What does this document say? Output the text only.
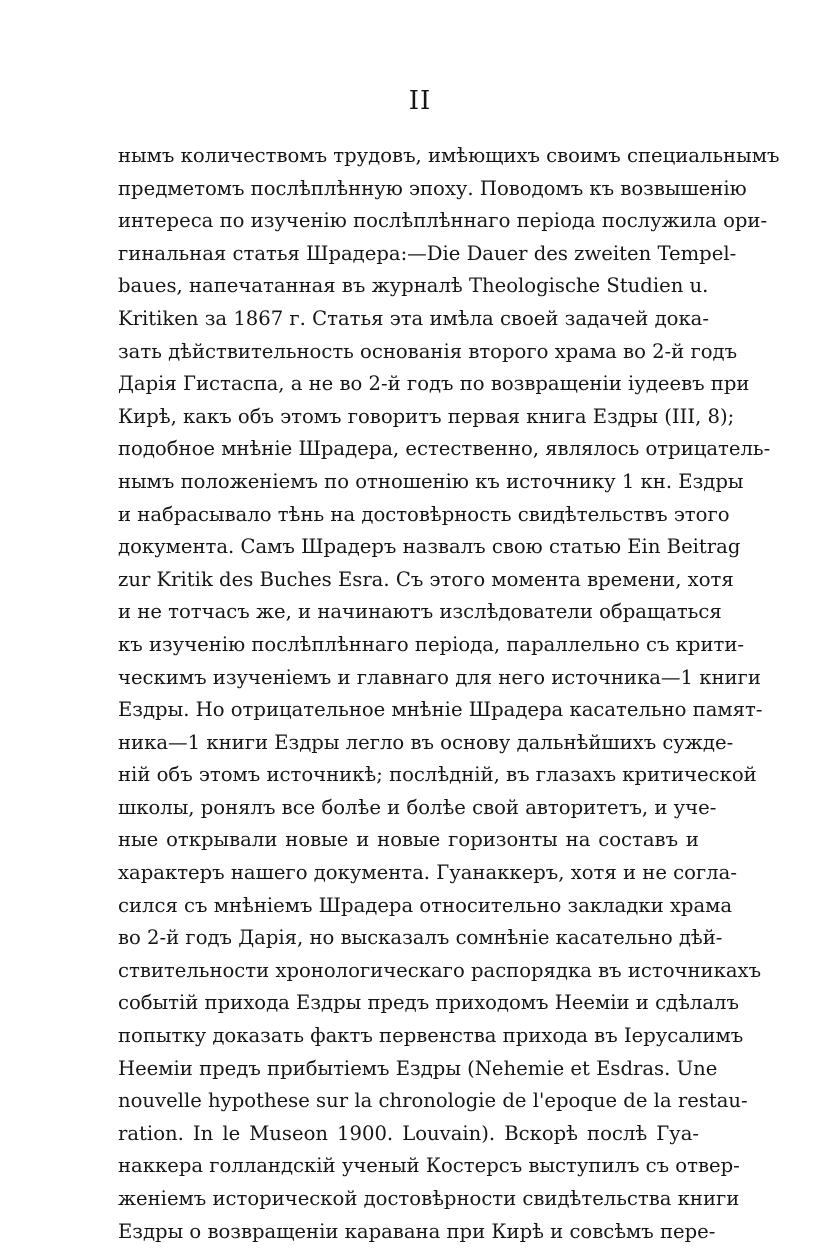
II
нымъ количествомъ трудовъ, имѣющихъ своимъ специальнымъ
предметомъ послѣплѣнную эпоху. Поводомъ къ возвышенію
интереса по изученію послѣплѣннаго періода послужила ори-
гинальная статья Шрадера:—Die Dauer des zweiten Tempel-
baues, напечатанная въ журналѣ Theologische Studien u.
Kritiken за 1867 г. Статья эта имѣла своей задачей дока-
зать дѣйствительность основанія второго храма во 2-й годъ
Дарія Гистаспа, а не во 2-й годъ по возвращеніи іудеевъ при
Кирѣ, какъ объ этомъ говоритъ первая книга Ездры (III, 8);
подобное мнѣніе Шрадера, естественно, являлось отрицатель-
нымъ положеніемъ по отношенію къ источнику 1 кн. Ездры
и набрасывало тѣнь на достовѣрность свидѣтельствъ этого
документа. Самъ Шрадеръ назвалъ свою статью Ein Beitrag
zur Kritik des Buches Esra. Съ этого момента времени, хотя
и не тотчасъ же, и начинаютъ изслѣдователи обращаться
къ изученію послѣплѣннаго періода, параллельно съ крити-
ческимъ изученіемъ и главнаго для него источника—1 книги
Ездры. Но отрицательное мнѣніе Шрадера касательно памят-
ника—1 книги Ездры легло въ основу дальнѣйшихъ сужде-
ній объ этомъ источникѣ; послѣдній, въ глазахъ критической
школы, ронялъ все болѣе и болѣе свой авторитетъ, и уче-
ные открывали новые и новые горизонты на составъ и
характеръ нашего документа. Гуанаккеръ, хотя и не согла-
сился съ мнѣніемъ Шрадера относительно закладки храма
во 2-й годъ Дарія, но высказалъ сомнѣніе касательно дѣй-
ствительности хронологическаго распорядка въ источникахъ
событій прихода Ездры предъ приходомъ Нееміи и сдѣлалъ
попытку доказать фактъ первенства прихода въ Іерусалимъ
Нееміи предъ прибытіемъ Ездры (Nehemie et Esdras. Une
nouvelle hypothese sur la chronologie de l'epoque de la restau-
ration. In le Museon 1900. Louvain). Вскорѣ послѣ Гуа-
наккера голландскій ученый Костерсъ выступилъ съ отвер-
женіемъ исторической достовѣрности свидѣтельства книги
Ездры о возвращеніи каравана при Кирѣ и совсѣмъ пере-
